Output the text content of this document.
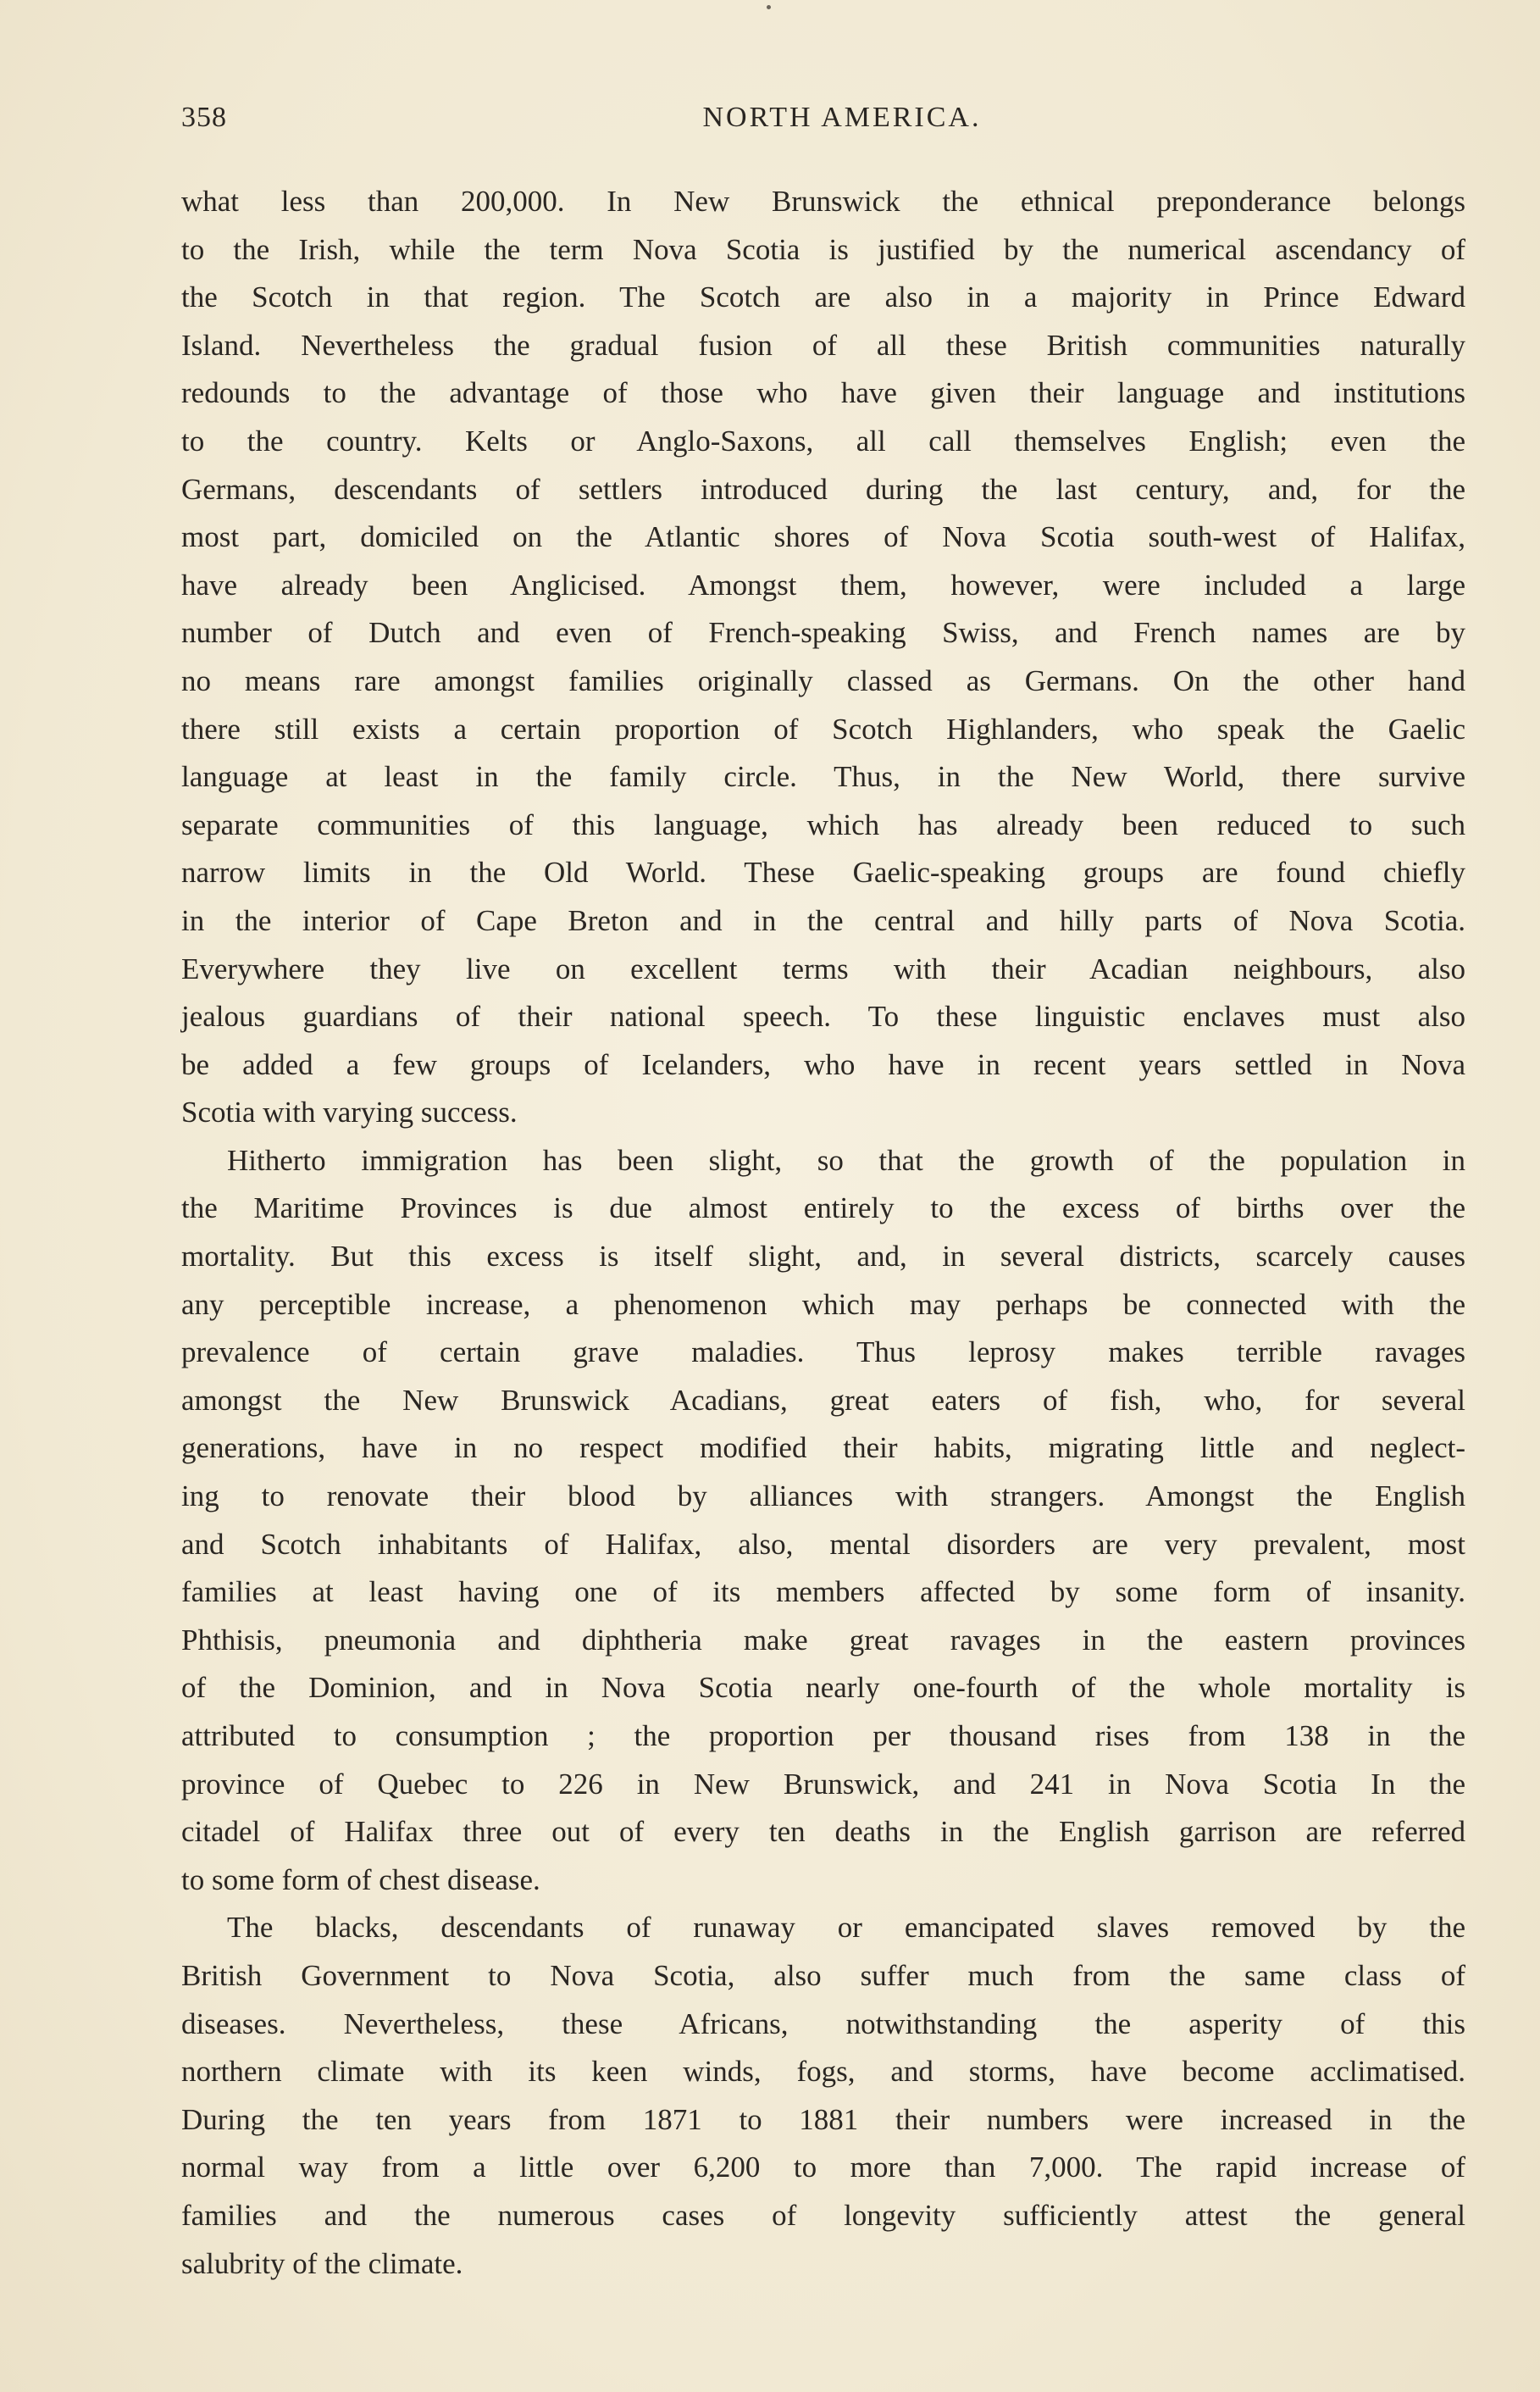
358	NORTH AMERICA.
what less than 200,000. In New Brunswick the ethnical preponderance belongs
to the Irish, while the term Nova Scotia is justified by the numerical ascendancy of
the Scotch in that region. The Scotch are also in a majority in Prince Edward
Island. Nevertheless the gradual fusion of all these British communities naturally
redounds to the advantage of those who have given their language and institutions
to the country. Kelts or Anglo-Saxons, all call themselves English; even the
Germans, descendants of settlers introduced during the last century, and, for the
most part, domiciled on the Atlantic shores of Nova Scotia south-west of Halifax,
have already been Anglicised. Amongst them, however, were included a large
number of Dutch and even of French-speaking Swiss, and French names are by
no means rare amongst families originally classed as Germans. On the other hand
there still exists a certain proportion of Scotch Highlanders, who speak the Gaelic
language at least in the family circle. Thus, in the New World, there survive
separate communities of this language, which has already been reduced to such
narrow limits in the Old World. These Gaelic-speaking groups are found chiefly
in the interior of Cape Breton and in the central and hilly parts of Nova Scotia.
Everywhere they live on excellent terms with their Acadian neighbours, also
jealous guardians of their national speech. To these linguistic enclaves must also
be added a few groups of Icelanders, who have in recent years settled in Nova
Scotia with varying success.
Hitherto immigration has been slight, so that the growth of the population in
the Maritime Provinces is due almost entirely to the excess of births over the
mortality. But this excess is itself slight, and, in several districts, scarcely causes
any perceptible increase, a phenomenon which may perhaps be connected with the
prevalence of certain grave maladies. Thus leprosy makes terrible ravages
amongst the New Brunswick Acadians, great eaters of fish, who, for several
generations, have in no respect modified their habits, migrating little and neglect-
ing to renovate their blood by alliances with strangers. Amongst the English
and Scotch inhabitants of Halifax, also, mental disorders are very prevalent, most
families at least having one of its members affected by some form of insanity.
Phthisis, pneumonia and diphtheria make great ravages in the eastern provinces
of the Dominion, and in Nova Scotia nearly one-fourth of the whole mortality is
attributed to consumption ; the proportion per thousand rises from 138 in the
province of Quebec to 226 in New Brunswick, and 241 in Nova Scotia In the
citadel of Halifax three out of every ten deaths in the English garrison are referred
to some form of chest disease.
The blacks, descendants of runaway or emancipated slaves removed by the
British Government to Nova Scotia, also suffer much from the same class of
diseases. Nevertheless, these Africans, notwithstanding the asperity of this
northern climate with its keen winds, fogs, and storms, have become acclimatised.
During the ten years from 1871 to 1881 their numbers were increased in the
normal way from a little over 6,200 to more than 7,000. The rapid increase of
families and the numerous cases of longevity sufficiently attest the general
salubrity of the climate.
